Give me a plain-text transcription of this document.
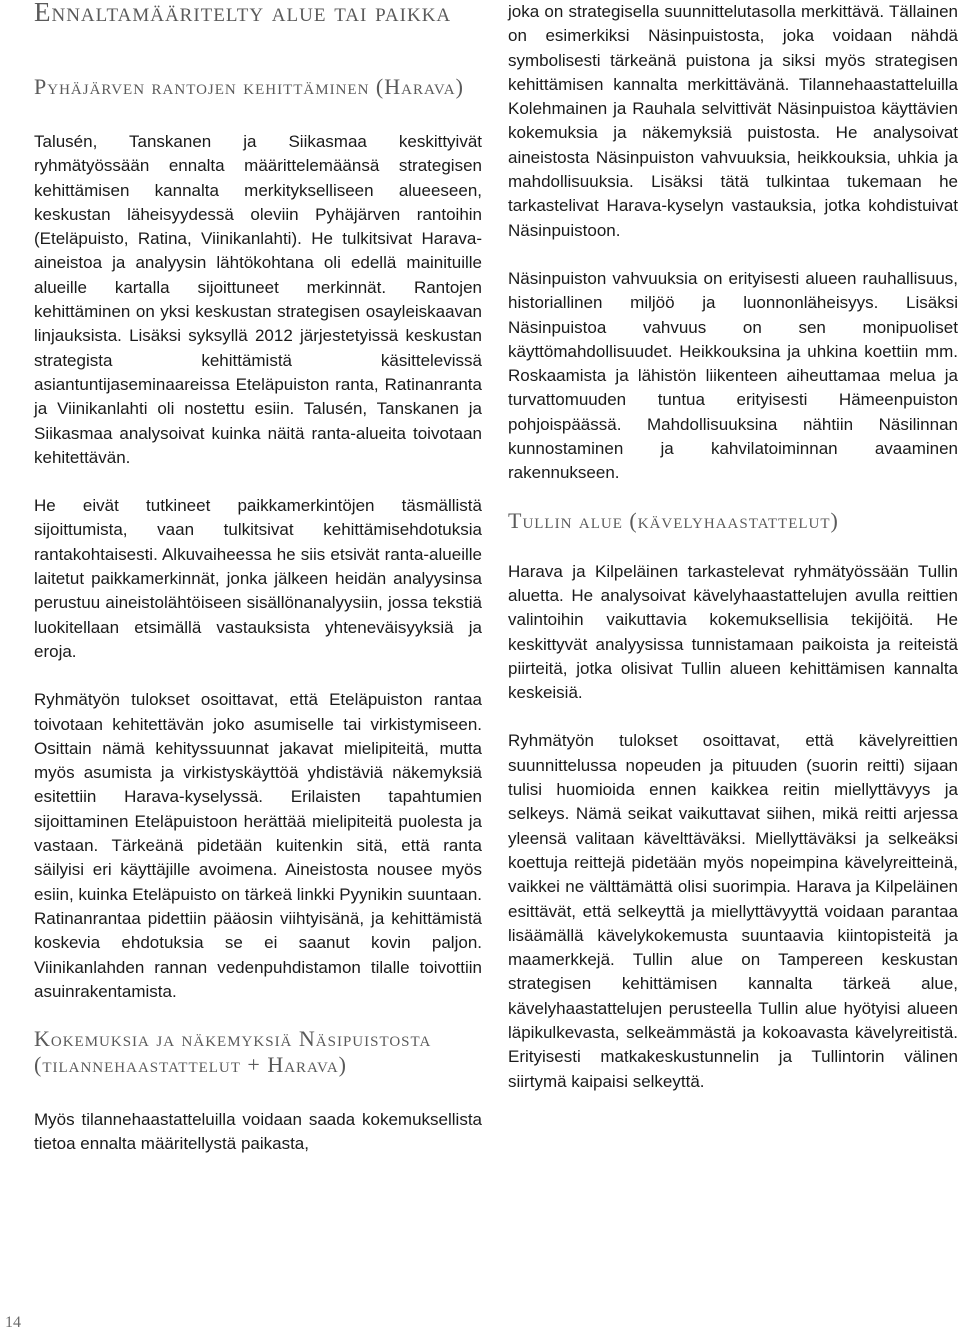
Ennaltamääritelty alue tai paikka
Pyhäjärven rantojen kehittäminen (Harava)

Talusén, Tanskanen ja Siikasmaa keskittyivät ryhmätyössään ennalta määrittelemäänsä strategisen kehittämisen kannalta merkitykselliseen alueeseen, keskustan läheisyydessä oleviin Pyhäjärven rantoihin (Eteläpuisto, Ratina, Viinikanlahti). He tulkitsivat Harava-aineistoa ja analyysin lähtökohtana oli edellä mainituille alueille kartalla sijoittuneet merkinnät. Rantojen kehittäminen on yksi keskustan strategisen osayleiskaavan linjauksista. Lisäksi syksyllä 2012 järjestetyissä keskustan strategista kehittämistä käsittelevissä asiantuntijaseminaareissa Eteläpuiston ranta, Ratinanranta ja Viinikanlahti oli nostettu esiin. Talusén, Tanskanen ja Siikasmaa analysoivat kuinka näitä ranta-alueita toivotaan kehitettävän.

He eivät tutkineet paikkamerkintöjen täsmällistä sijoittumista, vaan tulkitsivat kehittämisehdotuksia rantakohtaisesti. Alkuvaiheessa he siis etsivät ranta-alueille laitetut paikkamerkinnät, jonka jälkeen heidän analyysinsa perustuu aineistolähtöiseen sisällönanalyysiin, jossa tekstiä luokitellaan etsimällä vastauksista yhteneväisyyksiä ja eroja.

Ryhmätyön tulokset osoittavat, että Eteläpuiston rantaa toivotaan kehitettävän joko asumiselle tai virkistymiseen. Osittain nämä kehityssuunnat jakavat mielipiteitä, mutta myös asumista ja virkistyskäyttöä yhdistäviä näkemyksiä esitettiin Harava-kyselyssä. Erilaisten tapahtumien sijoittaminen Eteläpuistoon herättää mielipiteitä puolesta ja vastaan. Tärkeänä pidetään kuitenkin sitä, että ranta säilyisi eri käyttäjille avoimena. Aineistosta nousee myös esiin, kuinka Eteläpuisto on tärkeä linkki Pyynikin suuntaan. Ratinanrantaa pidettiin pääosin viihtyisänä, ja kehittämistä koskevia ehdotuksia se ei saanut kovin paljon. Viinikanlahden rannan vedenpuhdistamon tilalle toivottiin asuinrakentamista.

Kokemuksia ja näkemyksiä Näsipuistosta (tilannehaastattelut + Harava)

Myös tilannehaastatteluilla voidaan saada kokemuksellista tietoa ennalta määritellystä paikasta,

joka on strategisella suunnittelutasolla merkittävä. Tällainen on esimerkiksi Näsinpuistosta, joka voidaan nähdä symbolisesti tärkeänä puistona ja siksi myös strategisen kehittämisen kannalta merkittävänä. Tilannehaastatteluilla Kolehmainen ja Rauhala selvittivät Näsinpuistoa käyttävien kokemuksia ja näkemyksiä puistosta. He analysoivat aineistosta Näsinpuiston vahvuuksia, heikkouksia, uhkia ja mahdollisuuksia. Lisäksi tätä tulkintaa tukemaan he tarkastelivat Harava-kyselyn vastauksia, jotka kohdistuivat Näsinpuistoon.

Näsinpuiston vahvuuksia on erityisesti alueen rauhallisuus, historiallinen miljöö ja luonnonläheisyys. Lisäksi Näsinpuistoa vahvuus on sen monipuoliset käyttömahdollisuudet. Heikkouksina ja uhkina koettiin mm. Roskaamista ja lähistön liikenteen aiheuttamaa melua ja turvattomuuden tuntua erityisesti Hämeenpuiston pohjoispäässä. Mahdollisuuksina nähtiin Näsilinnan kunnostaminen ja kahvilatoiminnan avaaminen rakennukseen.

Tullin alue (kävelyhaastattelut)

Harava ja Kilpeläinen tarkastelevat ryhmätyössään Tullin aluetta. He analysoivat kävelyhaastattelujen avulla reittien valintoihin vaikuttavia kokemuksellisia tekijöitä. He keskittyvät analyysissa tunnistamaan paikoista ja reiteistä piirteitä, jotka olisivat Tullin alueen kehittämisen kannalta keskeisiä.

Ryhmätyön tulokset osoittavat, että kävelyreittien suunnittelussa nopeuden ja pituuden (suorin reitti) sijaan tulisi huomioida ennen kaikkea reitin miellyttävyys ja selkeys. Nämä seikat vaikuttavat siihen, mikä reitti arjessa yleensä valitaan kävelttäväksi. Miellyttäväksi ja selkeäksi koettuja reittejä pidetään myös nopeimpina kävelyreitteinä, vaikkei ne välttämättä olisi suorimpia. Harava ja Kilpeläinen esittävät, että selkeyttä ja miellyttävyyttä voidaan parantaa lisäämällä kävelykokemusta suuntaavia kiintopisteitä ja maamerkkejä. Tullin alue on Tampereen keskustan strategisen kehittämisen kannalta tärkeä alue, kävelyhaastattelujen perusteella Tullin alue hyötyisi alueen läpikulkevasta, selkeämmästä ja kokoavasta kävelyreitistä. Erityisesti matkakeskustunnelin ja Tullintorin välinen siirtymä kaipaisi selkeyttä.

14
